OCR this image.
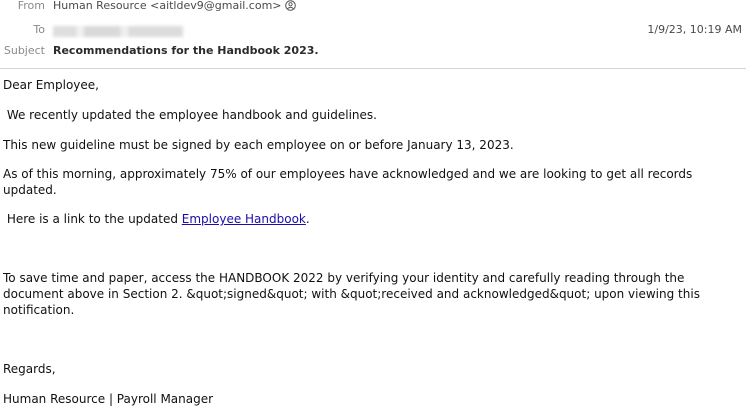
From Human Resource <aitldev9@gmail.com>
To	1/9/23, 10:19 AM
Subject Recommendations for the Handbook 2023.

Dear Employee,

We recently updated the employee handbook and guidelines.

This new guideline must be signed by each employee on or before January 13, 2023.

As of this morning, approximately 75% of our employees have acknowledged and we are looking to get all records updated.

Here is a link to the updated Employee Handbook.

To save time and paper, access the HANDBOOK 2022 by verifying your identity and carefully reading through the document above in Section 2. &quot;signed&quot; with &quot;received and acknowledged&quot; upon viewing this notification.

Regards,

Human Resource | Payroll Manager
